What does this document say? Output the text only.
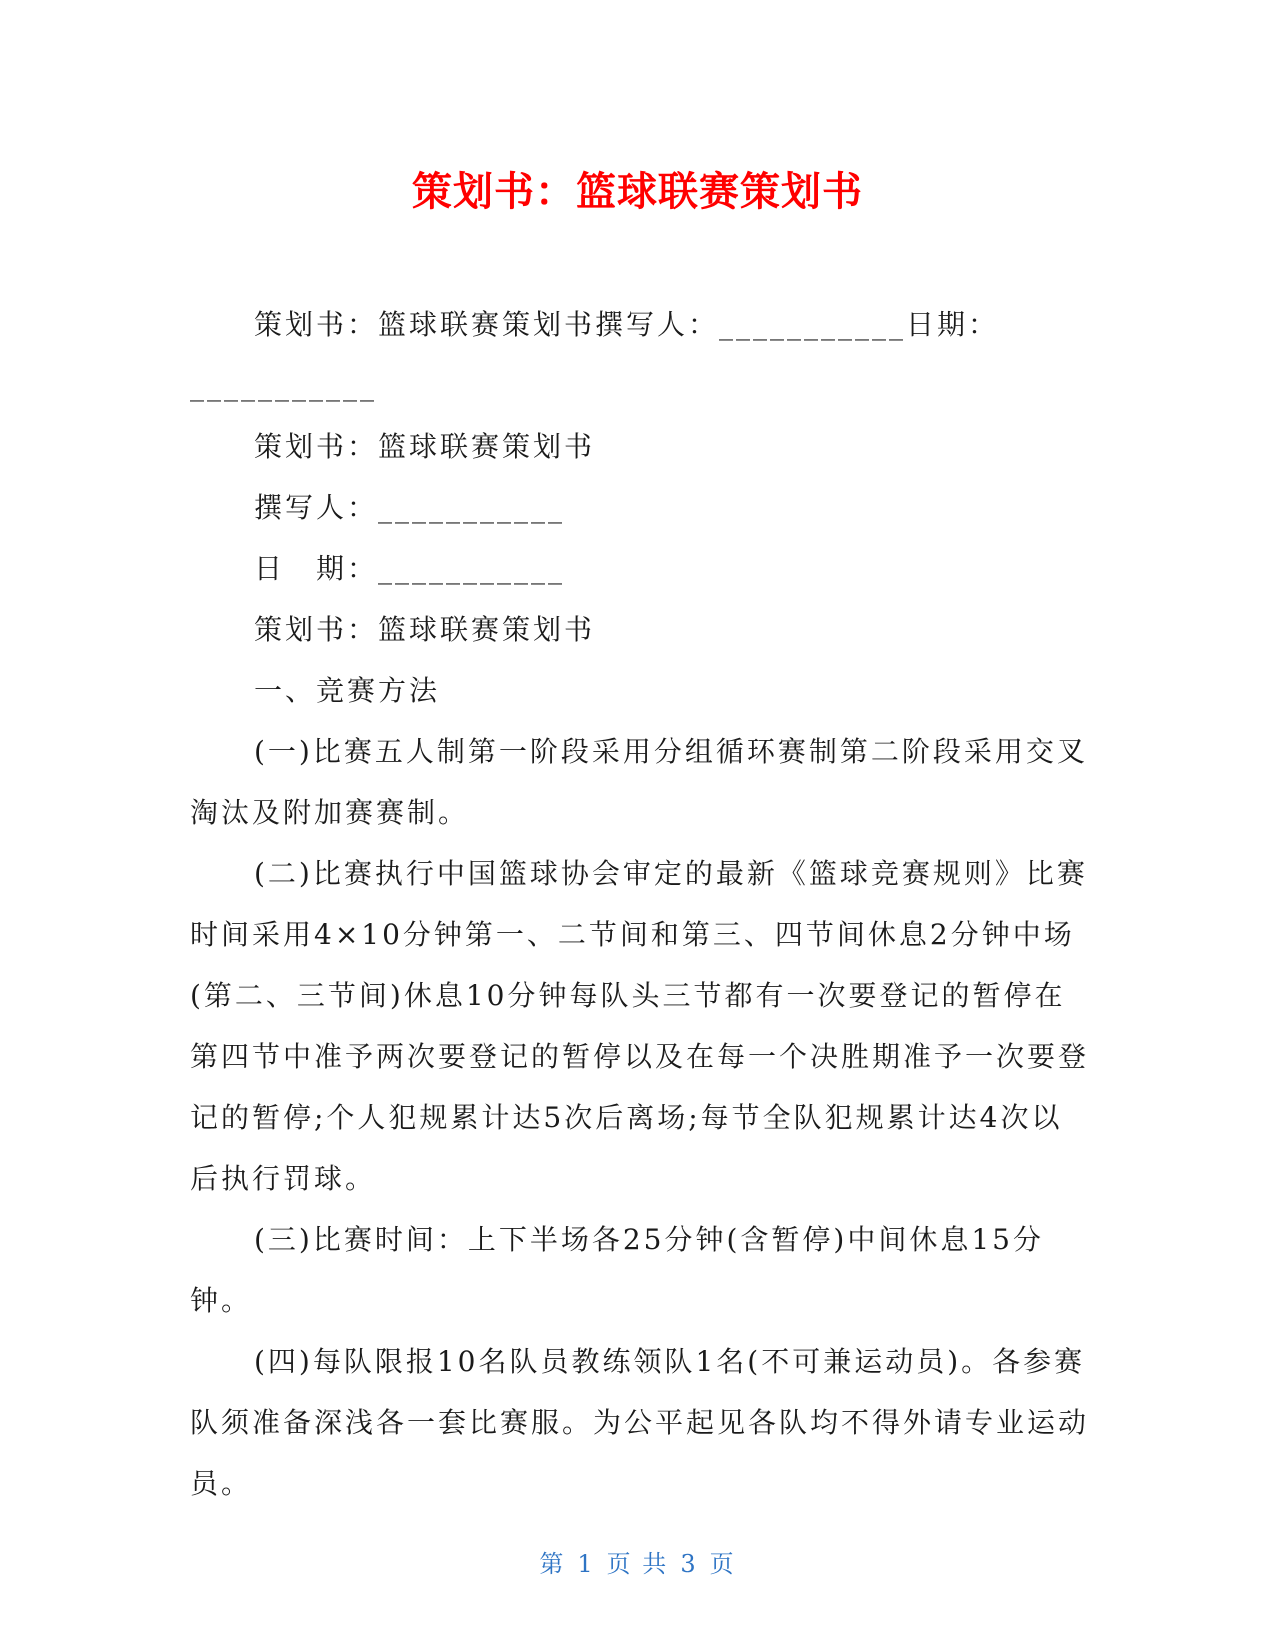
策划书：篮球联赛策划书

策划书：篮球联赛策划书撰写人：___________日期：___________

策划书：篮球联赛策划书

撰写人：___________

日　期：___________

策划书：篮球联赛策划书

一、竞赛方法

(一)比赛五人制第一阶段采用分组循环赛制第二阶段采用交叉淘汰及附加赛赛制。

(二)比赛执行中国篮球协会审定的最新《篮球竞赛规则》比赛时间采用4×10分钟第一、二节间和第三、四节间休息2分钟中场(第二、三节间)休息10分钟每队头三节都有一次要登记的暂停在第四节中准予两次要登记的暂停以及在每一个决胜期准予一次要登记的暂停;个人犯规累计达5次后离场;每节全队犯规累计达4次以后执行罚球。

(三)比赛时间：上下半场各25分钟(含暂停)中间休息15分钟。

(四)每队限报10名队员教练领队1名(不可兼运动员)。各参赛队须准备深浅各一套比赛服。为公平起见各队均不得外请专业运动员。

第 1 页 共 3 页
